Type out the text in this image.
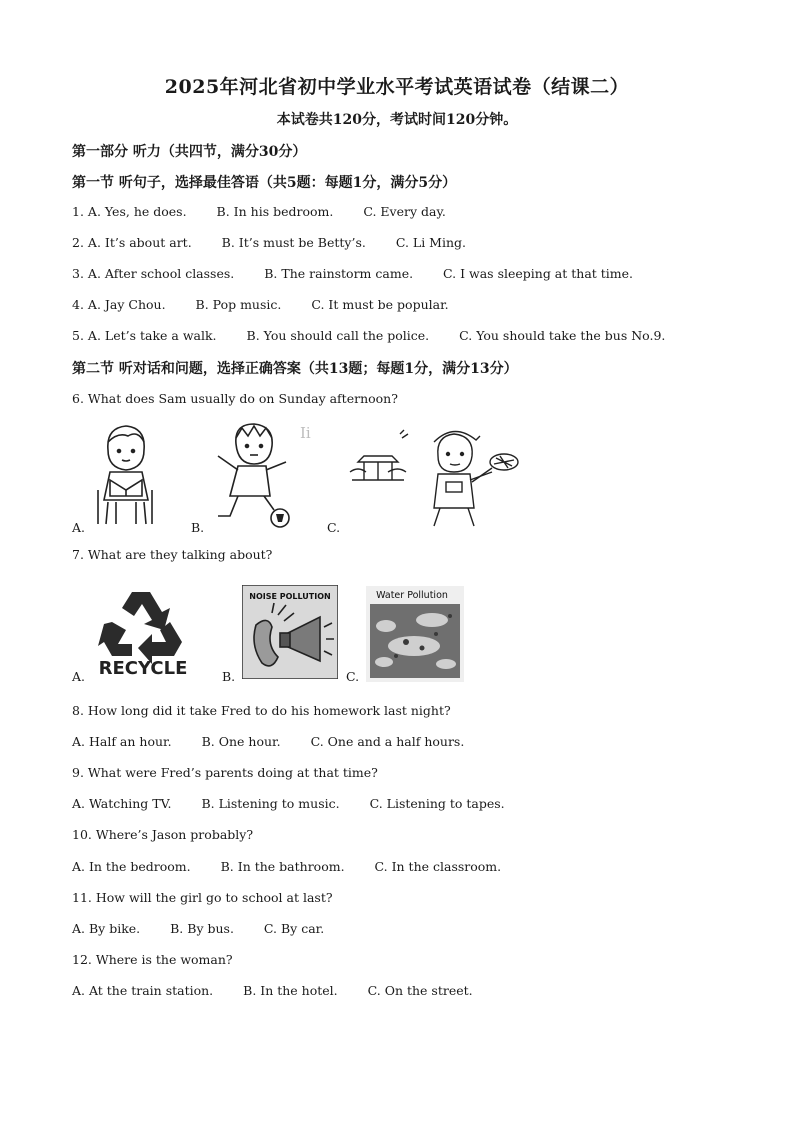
2025年河北省初中学业水平考试英语试卷（结课二）
本试卷共120分，考试时间120分钟。
第一部分 听力（共四节，满分30分）
第一节 听句子，选择最佳答语（共5题：每题1分，满分5分）
1. A. Yes, he does. B. In his bedroom. C. Every day.
2. A. It’s about art. B. It’s must be Betty’s. C. Li Ming.
3. A. After school classes. B. The rainstorm came. C. I was sleeping at that time.
4. A. Jay Chou. B. Pop music. C. It must be popular.
5. A. Let’s take a walk. B. You should call the police. C. You should take the bus No.9.
第二节 听对话和问题，选择正确答案（共13题；每题1分，满分13分）
6. What does Sam usually do on Sunday afternoon?
A.	B.
Ii
C.
7. What are they talking about?
RECYCLE
A.
NOISE POLLUTION
B.
Water Pollution
C.
8. How long did it take Fred to do his homework last night?
A. Half an hour. B. One hour. C. One and a half hours.
9. What were Fred’s parents doing at that time?
A. Watching TV. B. Listening to music. C. Listening to tapes.
10. Where’s Jason probably?
A. In the bedroom. B. In the bathroom. C. In the classroom.
11. How will the girl go to school at last?
A. By bike. B. By bus. C. By car.
12. Where is the woman?
A. At the train station. B. In the hotel. C. On the street.
